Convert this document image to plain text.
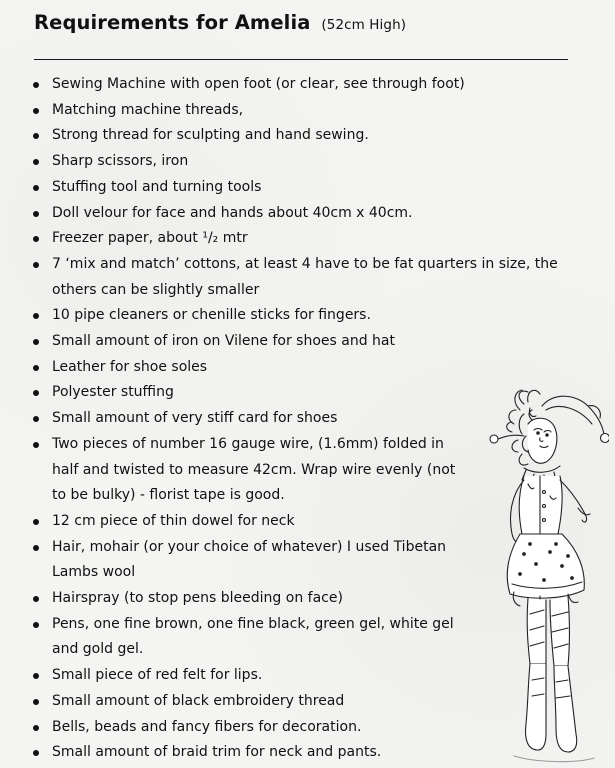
Requirements for Amelia (52cm High)
Sewing Machine with open foot (or clear, see through foot)
Matching machine threads,
Strong thread for sculpting and hand sewing.
Sharp scissors, iron
Stuffing tool and turning tools
Doll velour for face and hands about 40cm x 40cm.
Freezer paper, about ¹/₂ mtr
7 ‘mix and match’ cottons, at least 4 have to be fat quarters in size, the
others can be slightly smaller
10 pipe cleaners or chenille sticks for fingers.
Small amount of iron on Vilene for shoes and hat
Leather for shoe soles
Polyester stuffing
Small amount of very stiff card for shoes
Two pieces of number 16 gauge wire, (1.6mm) folded in
half and twisted to measure 42cm. Wrap wire evenly (not
to be bulky) - florist tape is good.
12 cm piece of thin dowel for neck
Hair, mohair (or your choice of whatever) I used Tibetan
Lambs wool
Hairspray (to stop pens bleeding on face)
Pens, one fine brown, one fine black, green gel, white gel
and gold gel.
Small piece of red felt for lips.
Small amount of black embroidery thread
Bells, beads and fancy fibers for decoration.
Small amount of braid trim for neck and pants.
